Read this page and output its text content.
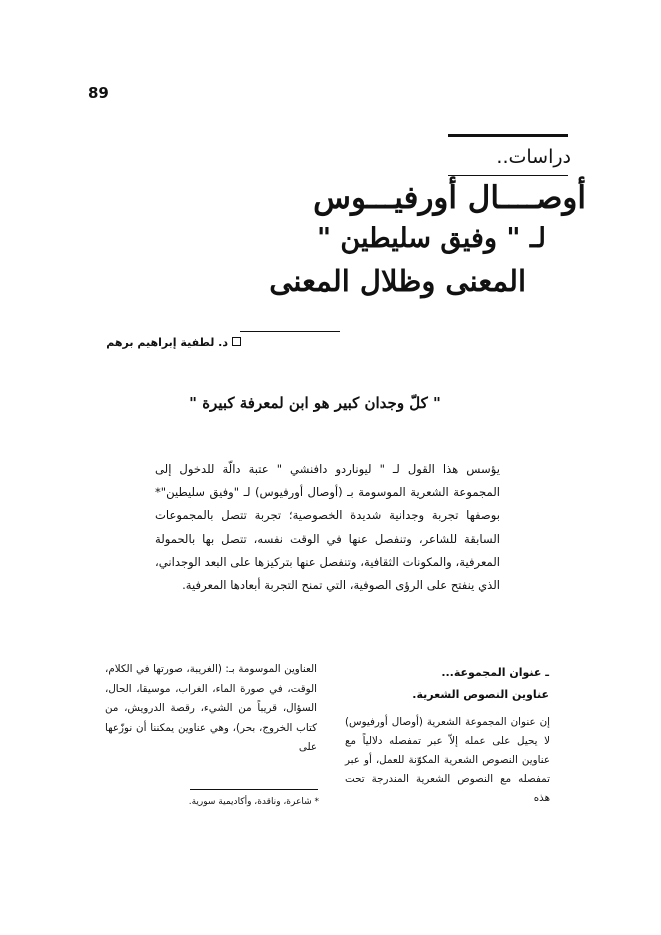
89
دراسات..
أوصــــال أورفيـــوس
لـ " وفيق سليطين "
المعنى وظلال المعنى
د. لطفية إبراهيم برهم
" كلّ وجدان كبير هو ابن لمعرفة كبيرة "

يؤسس هذا القول لـ " ليوناردو دافنشي " عتبة دالّة للدخول إلى المجموعة الشعرية الموسومة بـ (أوصال أورفيوس) لـ "وفيق سليطين"* بوصفها تجربة وجدانية شديدة الخصوصية؛ تجربة تتصل بالمجموعات السابقة للشاعر، وتنفصل عنها في الوقت نفسه، تتصل بها بالحمولة المعرفية، والمكونات الثقافية، وتنفصل عنها بتركيزها على البعد الوجداني، الذي ينفتح على الرؤى الصوفية، التي تمنح التجربة أبعادها المعرفية.

ـ عنوان المجموعة...
عناوين النصوص الشعرية.

إن عنوان المجموعة الشعرية (أوصال أورفيوس) لا يحيل على عمله إلاّ عبر تمفصله دلالياً مع عناوين النصوص الشعرية المكوّنة للعمل، أو عبر تمفصله مع النصوص الشعرية المندرجة تحت هذه

العناوين الموسومة بـ: (الغريبة، صورتها في الكلام، الوقت، في صورة الماء، الغراب، موسيقا، الحال، السؤال، قريباً من الشيء، رقصة الدرويش، من كتاب الخروج، بحر)، وهي عناوين يمكننا أن نوزّعها على

* شاعرة، وناقدة، وأكاديمية سورية.
